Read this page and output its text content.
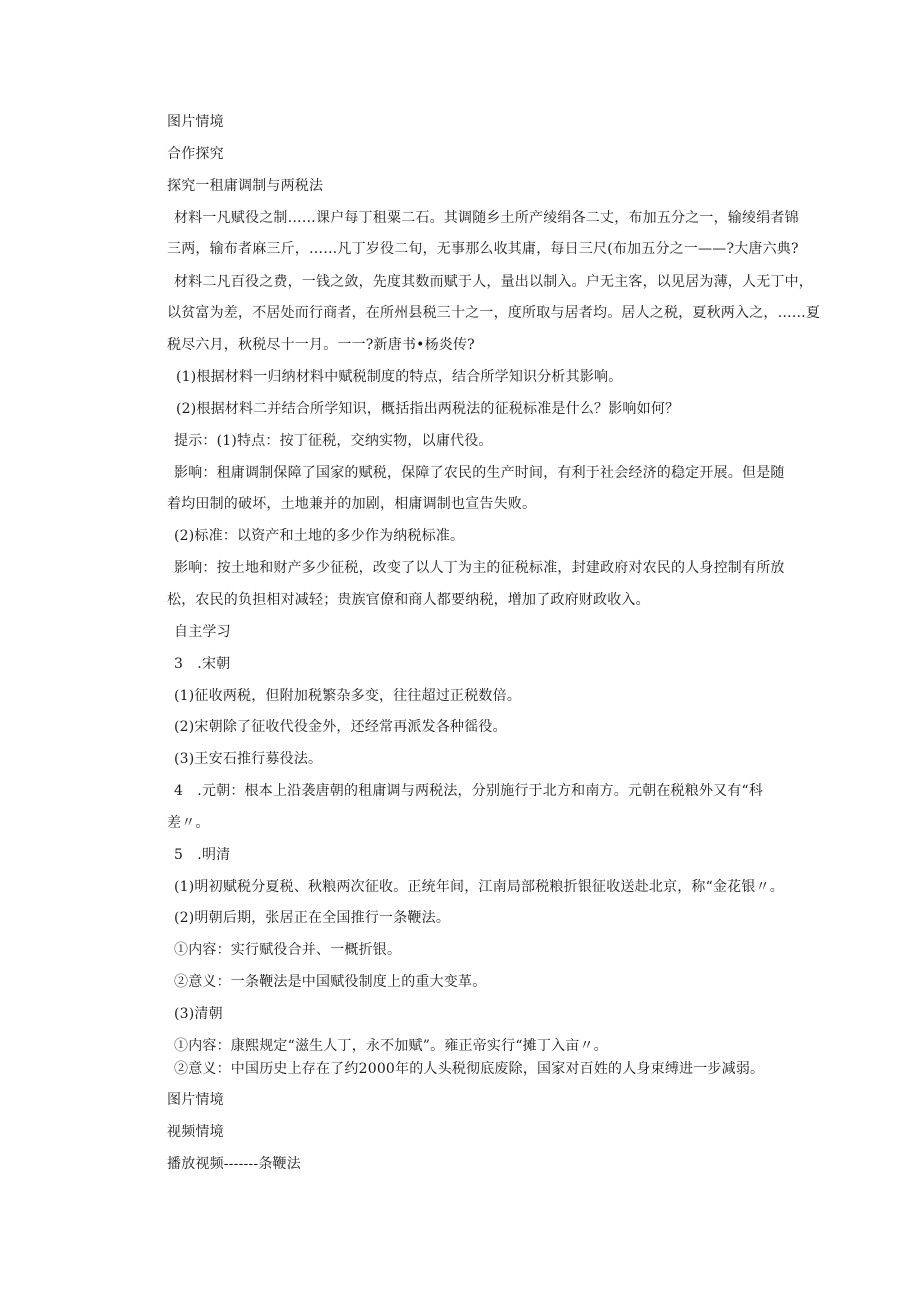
图片情境
合作探究
探究一租庸调制与两税法
材料一凡赋役之制……课户每丁租粟二石。其调随乡土所产绫绢各二丈，布加五分之一，输绫绢者锦
三两，输布者麻三斤，……凡丁岁役二旬，无事那么收其庸，每日三尺(布加五分之一——?大唐六典?
材料二凡百役之费，一钱之敛，先度其数而赋于人，量出以制入。户无主客，以见居为薄，人无丁中，
以贫富为差，不居处而行商者，在所州县税三十之一，度所取与居者均。居人之税，夏秋两入之，……夏
税尽六月，秋税尽十一月。一一?新唐书•杨炎传?
(1)根据材料一归纳材料中赋税制度的特点，结合所学知识分析其影响。
(2)根据材料二并结合所学知识，概括指出两税法的征税标准是什么？影响如何？
提示：(1)特点：按丁征税，交纳实物，以庸代役。
影响：租庸调制保障了国家的赋税，保障了农民的生产时间，有利于社会经济的稳定开展。但是随
着均田制的破坏，土地兼并的加剧，相庸调制也宣告失败。
(2)标准：以资产和土地的多少作为纳税标准。
影响：按土地和财产多少征税，改变了以人丁为主的征税标准，封建政府对农民的人身控制有所放
松，农民的负担相对减轻；贵族官僚和商人都要纳税，增加了政府财政收入。
自主学习
3　.宋朝
(1)征收两税，但附加税繁杂多变，往往超过正税数倍。
(2)宋朝除了征收代役金外，还经常再派发各种徭役。
(3)王安石推行募役法。
4　.元朝：根本上沿袭唐朝的租庸调与两税法，分别施行于北方和南方。元朝在税粮外又有“科
差〃。
5　.明清
(1)明初赋税分夏税、秋粮两次征收。正统年间，江南局部税粮折银征收送赴北京，称“金花银〃。
(2)明朝后期，张居正在全国推行一条鞭法。
①内容：实行赋役合并、一概折银。
②意义：一条鞭法是中国赋役制度上的重大变革。
(3)清朝
①内容：康熙规定“滋生人丁，永不加赋”。雍正帝实行“摊丁入亩〃。
②意义：中国历史上存在了约2000年的人头税彻底废除，国家对百姓的人身束缚进一步减弱。
图片情境
视频情境
播放视频-------条鞭法
